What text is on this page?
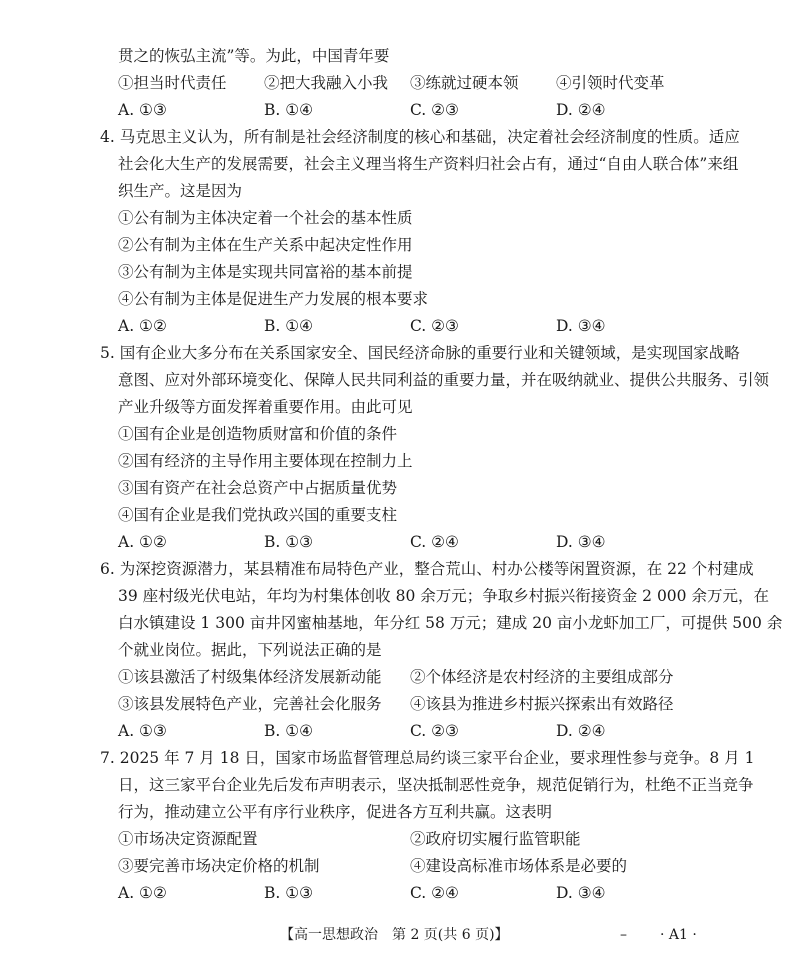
贯之的恢弘主流”等。为此，中国青年要
①担当时代责任 ②把大我融入小我 ③练就过硬本领 ④引领时代变革
A. ①③	B. ①④	C. ②③	D. ②④
4. 马克思主义认为，所有制是社会经济制度的核心和基础，决定着社会经济制度的性质。适应
社会化大生产的发展需要，社会主义理当将生产资料归社会占有，通过“自由人联合体”来组
织生产。这是因为
①公有制为主体决定着一个社会的基本性质
②公有制为主体在生产关系中起决定性作用
③公有制为主体是实现共同富裕的基本前提
④公有制为主体是促进生产力发展的根本要求
A. ①②	B. ①④	C. ②③	D. ③④
5. 国有企业大多分布在关系国家安全、国民经济命脉的重要行业和关键领域，是实现国家战略
意图、应对外部环境变化、保障人民共同利益的重要力量，并在吸纳就业、提供公共服务、引领
产业升级等方面发挥着重要作用。由此可见
①国有企业是创造物质财富和价值的条件
②国有经济的主导作用主要体现在控制力上
③国有资产在社会总资产中占据质量优势
④国有企业是我们党执政兴国的重要支柱
A. ①②	B. ①③	C. ②④	D. ③④
6. 为深挖资源潜力，某县精准布局特色产业，整合荒山、村办公楼等闲置资源，在 22 个村建成
39 座村级光伏电站，年均为村集体创收 80 余万元；争取乡村振兴衔接资金 2 000 余万元，在
白水镇建设 1 300 亩井冈蜜柚基地，年分红 58 万元；建成 20 亩小龙虾加工厂，可提供 500 余
个就业岗位。据此，下列说法正确的是
①该县激活了村级集体经济发展新动能 ②个体经济是农村经济的主要组成部分
③该县发展特色产业，完善社会化服务 ④该县为推进乡村振兴探索出有效路径
A. ①③	B. ①④	C. ②③	D. ②④
7. 2025 年 7 月 18 日，国家市场监督管理总局约谈三家平台企业，要求理性参与竞争。8 月 1
日，这三家平台企业先后发布声明表示，坚决抵制恶性竞争，规范促销行为，杜绝不正当竞争
行为，推动建立公平有序行业秩序，促进各方互利共赢。这表明
①市场决定资源配置	②政府切实履行监管职能
③要完善市场决定价格的机制	④建设高标准市场体系是必要的
A. ①②	B. ①③	C. ②④	D. ③④
【高一思想政治　第 2 页(共 6 页)】	– · A1 ·
